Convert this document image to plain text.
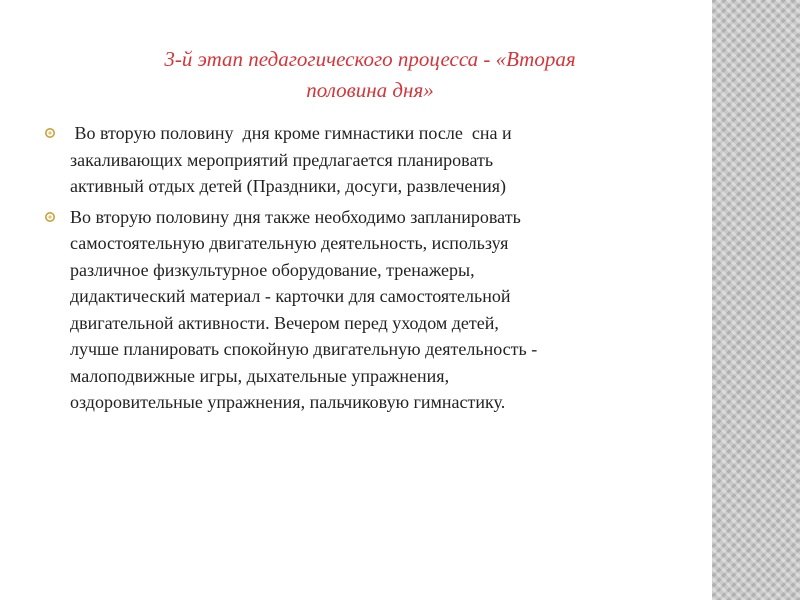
3-й этап педагогического процесса - «Вторая
половина дня»
Во вторую половину  дня кроме гимнастики после  сна и
закаливающих мероприятий предлагается планировать
активный отдых детей (Праздники, досуги, развлечения)
Во вторую половину дня также необходимо запланировать
самостоятельную двигательную деятельность, используя
различное физкультурное оборудование, тренажеры,
дидактический материал - карточки для самостоятельной
двигательной активности. Вечером перед уходом детей,
лучше планировать спокойную двигательную деятельность -
малоподвижные игры, дыхательные упражнения,
оздоровительные упражнения, пальчиковую гимнастику.
